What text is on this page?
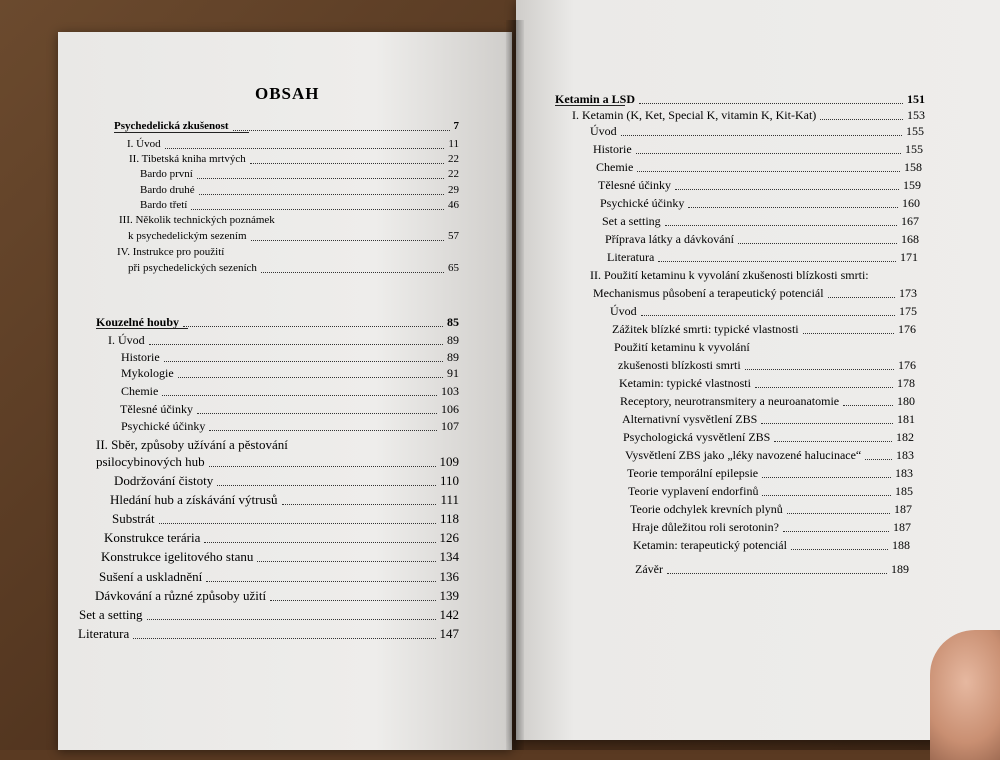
OBSAH
Psychedelická zkušenost	7
I. Úvod	11
II. Tibetská kniha mrtvých	22
Bardo první	22
Bardo druhé	29
Bardo třetí	46
III. Několik technických poznámek
k psychedelickým sezením	57
IV. Instrukce pro použití
při psychedelických sezeních	65
Kouzelné houby	85
I. Úvod	89
Historie	89
Mykologie	91
Chemie	103
Tělesné účinky	106
Psychické účinky	107
II. Sběr, způsoby užívání a pěstování
psilocybinových hub	109
Dodržování čistoty	110
Hledání hub a získávání výtrusů	111
Substrát	118
Konstrukce terária	126
Konstrukce igelitového stanu	134
Sušení a uskladnění	136
Dávkování a různé způsoby užití	139
Set a setting	142
Literatura	147
Ketamin a LSD	151
I. Ketamin (K, Ket, Special K, vitamin K, Kit-Kat)	153
Úvod	155
Historie	155
Chemie	158
Tělesné účinky	159
Psychické účinky	160
Set a setting	167
Příprava látky a dávkování	168
Literatura	171
II. Použití ketaminu k vyvolání zkušenosti blízkosti smrti:
Mechanismus působení a terapeutický potenciál	173
Úvod	175
Zážitek blízké smrti: typické vlastnosti	176
Použití ketaminu k vyvolání
zkušenosti blízkosti smrti	176
Ketamin: typické vlastnosti	178
Receptory, neurotransmitery a neuroanatomie	180
Alternativní vysvětlení ZBS	181
Psychologická vysvětlení ZBS	182
Vysvětlení ZBS jako „léky navozené halucinace“	183
Teorie temporální epilepsie	183
Teorie vyplavení endorfinů	185
Teorie odchylek krevních plynů	187
Hraje důležitou roli serotonin?	187
Ketamin: terapeutický potenciál	188
Závěr	189
